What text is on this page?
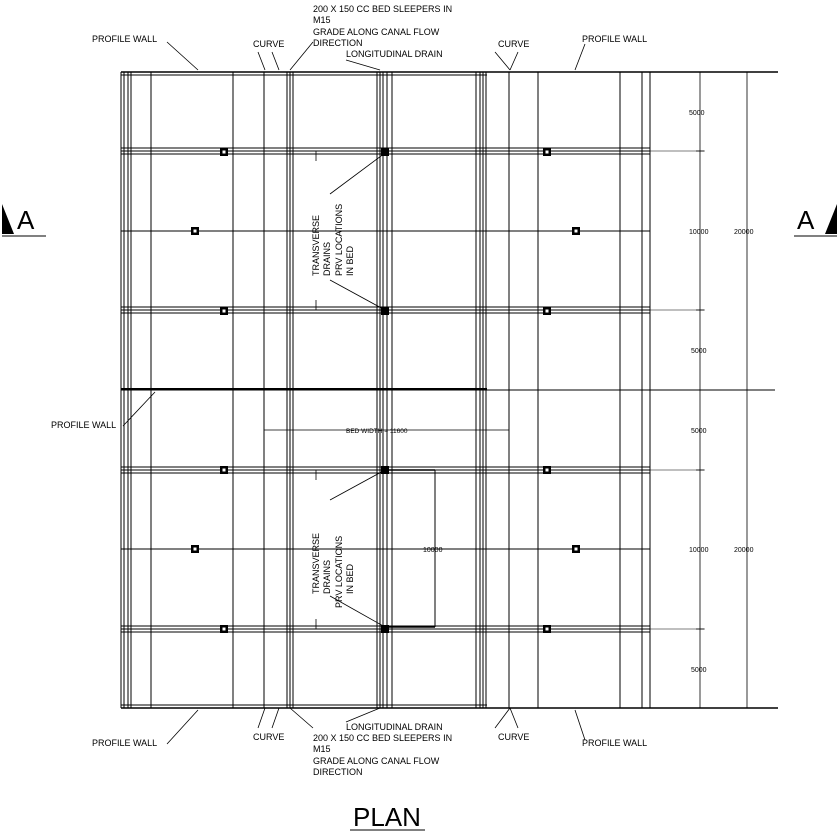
PROFILE WALL	CURVE
200 X 150 CC BED SLEEPERS IN
M15
GRADE ALONG CANAL FLOW
DIRECTION
LONGITUDINAL DRAIN
CURVE	PROFILE WALL
PROFILE WALL
BED WIDTH = 11600
TRANSVERSE DRAINS PRV LOCATIONS IN BED
TRANSVERSE DRAINS PRV LOCATIONS IN BED
10000
5000
10000	20000
5000
5000
10000	20000
5000
PROFILE WALL
CURVE
LONGITUDINAL DRAIN
200 X 150 CC BED SLEEPERS IN
M15
GRADE ALONG CANAL FLOW
DIRECTION
CURVE
PROFILE WALL
A	A
PLAN
